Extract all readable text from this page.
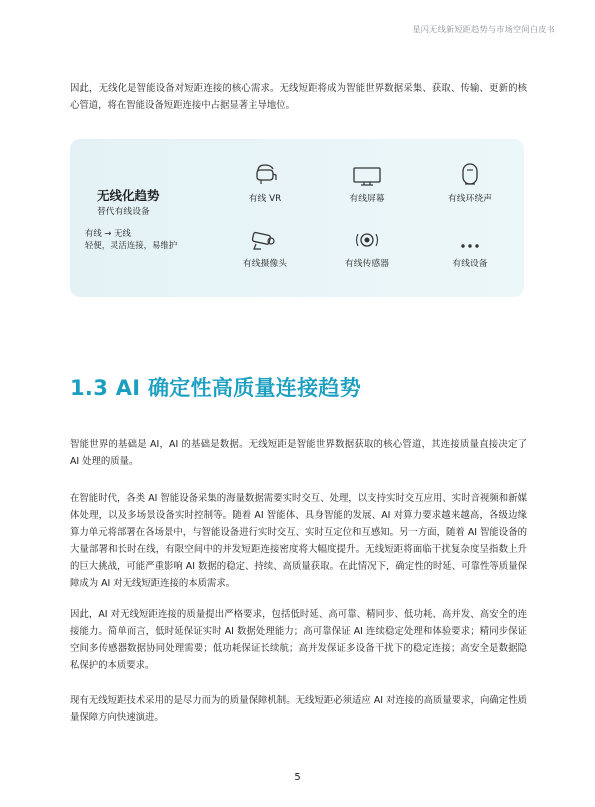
星闪无线新短距趋势与市场空间白皮书

因此，无线化是智能设备对短距连接的核心需求。无线短距将成为智能世界数据采集、获取、传输、更新的核心管道，将在智能设备短距连接中占据显著主导地位。

无线化趋势
替代有线设备
有线 → 无线
轻便，灵活连接，易维护
有线 VR	有线屏幕	有线环绕声
有线摄像头	有线传感器	有线设备
1.3 AI 确定性高质量连接趋势

智能世界的基础是 AI，AI 的基础是数据。无线短距是智能世界数据获取的核心管道，其连接质量直接决定了 AI 处理的质量。

在智能时代，各类 AI 智能设备采集的海量数据需要实时交互、处理，以支持实时交互应用、实时音视频和新媒体处理，以及多场景设备实时控制等。随着 AI 智能体、具身智能的发展、AI 对算力要求越来越高，各级边缘算力单元将部署在各场景中，与智能设备进行实时交互、实时互定位和互感知。另一方面，随着 AI 智能设备的大量部署和长时在线，有限空间中的并发短距连接密度将大幅度提升。无线短距将面临干扰复杂度呈指数上升的巨大挑战，可能严重影响 AI 数据的稳定、持续、高质量获取。在此情况下，确定性的时延、可靠性等质量保障成为 AI 对无线短距连接的本质需求。

因此，AI 对无线短距连接的质量提出严格要求，包括低时延、高可靠、精同步、低功耗、高并发、高安全的连接能力。简单而言，低时延保证实时 AI 数据处理能力；高可靠保证 AI 连续稳定处理和体验要求；精同步保证空间多传感器数据协同处理需要；低功耗保证长续航；高并发保证多设备干扰下的稳定连接；高安全是数据隐私保护的本质要求。

现有无线短距技术采用的是尽力而为的质量保障机制。无线短距必须适应 AI 对连接的高质量要求，向确定性质量保障方向快速演进。

5
